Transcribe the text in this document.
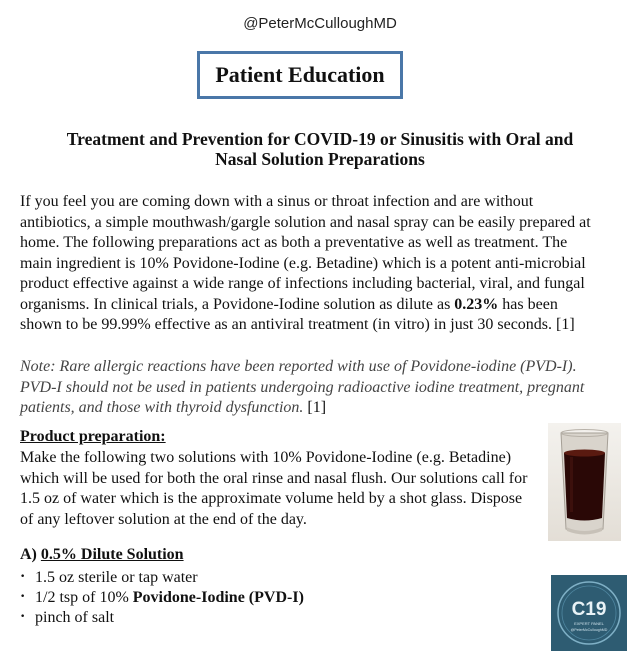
@PeterMcCulloughMD
Patient Education
Treatment and Prevention for COVID-19 or Sinusitis with Oral and
Nasal Solution Preparations

If you feel you are coming down with a sinus or throat infection and are without antibiotics, a simple mouthwash/gargle solution and nasal spray can be easily prepared at home. The following preparations act as both a preventative as well as treatment. The main ingredient is 10% Povidone-Iodine (e.g. Betadine) which is a potent anti-microbial product effective against a wide range of infections including bacterial, viral, and fungal organisms. In clinical trials, a Povidone-Iodine solution as dilute as 0.23% has been shown to be 99.99% effective as an antiviral treatment (in vitro) in just 30 seconds. [1]

Note: Rare allergic reactions have been reported with use of Povidone-iodine (PVD-I). PVD-I should not be used in patients undergoing radioactive iodine treatment, pregnant patients, and those with thyroid dysfunction. [1]

Product preparation:

Make the following two solutions with 10% Povidone-Iodine (e.g. Betadine) which will be used for both the oral rinse and nasal flush. Our solutions call for 1.5 oz of water which is the approximate volume held by a shot glass. Dispose of any leftover solution at the end of the day.

A) 0.5% Dilute Solution

• 1.5 oz sterile or tap water
• 1/2 tsp of 10% Povidone-Iodine (PVD-I)
• pinch of salt	C19
EXPERT PANEL
@PeterMcCulloughMD
